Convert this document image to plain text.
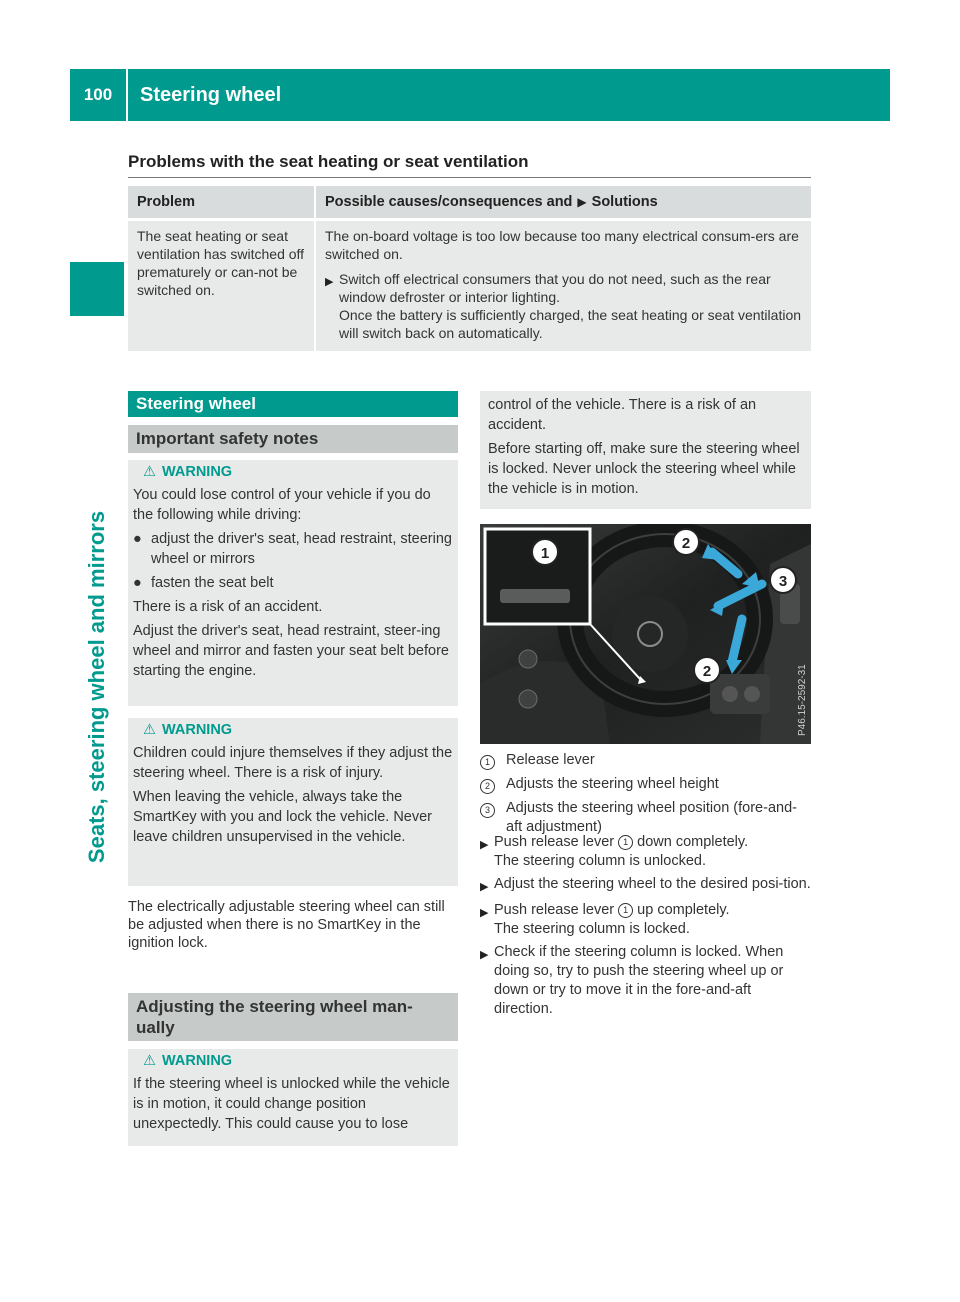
100	Steering wheel
Seats, steering wheel and mirrors
Problems with the seat heating or seat ventilation
Problem	Possible causes/consequences and ▶ Solutions
The seat heating or seat ventilation has switched off prematurely or can-not be switched on.
The on-board voltage is too low because too many electrical consum-ers are switched on.
▶ Switch off electrical consumers that you do not need, such as the rear window defroster or interior lighting.
Once the battery is sufficiently charged, the seat heating or seat ventilation will switch back on automatically.
Steering wheel
Important safety notes
⚠ WARNING
You could lose control of your vehicle if you do the following while driving:
● adjust the driver's seat, head restraint, steering wheel or mirrors
● fasten the seat belt
There is a risk of an accident.
Adjust the driver's seat, head restraint, steer-ing wheel and mirror and fasten your seat belt before starting the engine.
⚠ WARNING
Children could injure themselves if they adjust the steering wheel. There is a risk of injury.
When leaving the vehicle, always take the SmartKey with you and lock the vehicle. Never leave children unsupervised in the vehicle.
The electrically adjustable steering wheel can still be adjusted when there is no SmartKey in the ignition lock.
Adjusting the steering wheel man-ually
⚠ WARNING
If the steering wheel is unlocked while the vehicle is in motion, it could change position unexpectedly. This could cause you to lose
control of the vehicle. There is a risk of an accident.
Before starting off, make sure the steering wheel is locked. Never unlock the steering wheel while the vehicle is in motion.
1
2
3
2	P46.15-2592-31
1	Release lever
2	Adjusts the steering wheel height
3	Adjusts the steering wheel position (fore-and-aft adjustment)
▶ Push release lever 1 down completely.
The steering column is unlocked.
▶ Adjust the steering wheel to the desired posi-tion.
▶ Push release lever 1 up completely.
The steering column is locked.
▶ Check if the steering column is locked. When doing so, try to push the steering wheel up or down or try to move it in the fore-and-aft direction.
